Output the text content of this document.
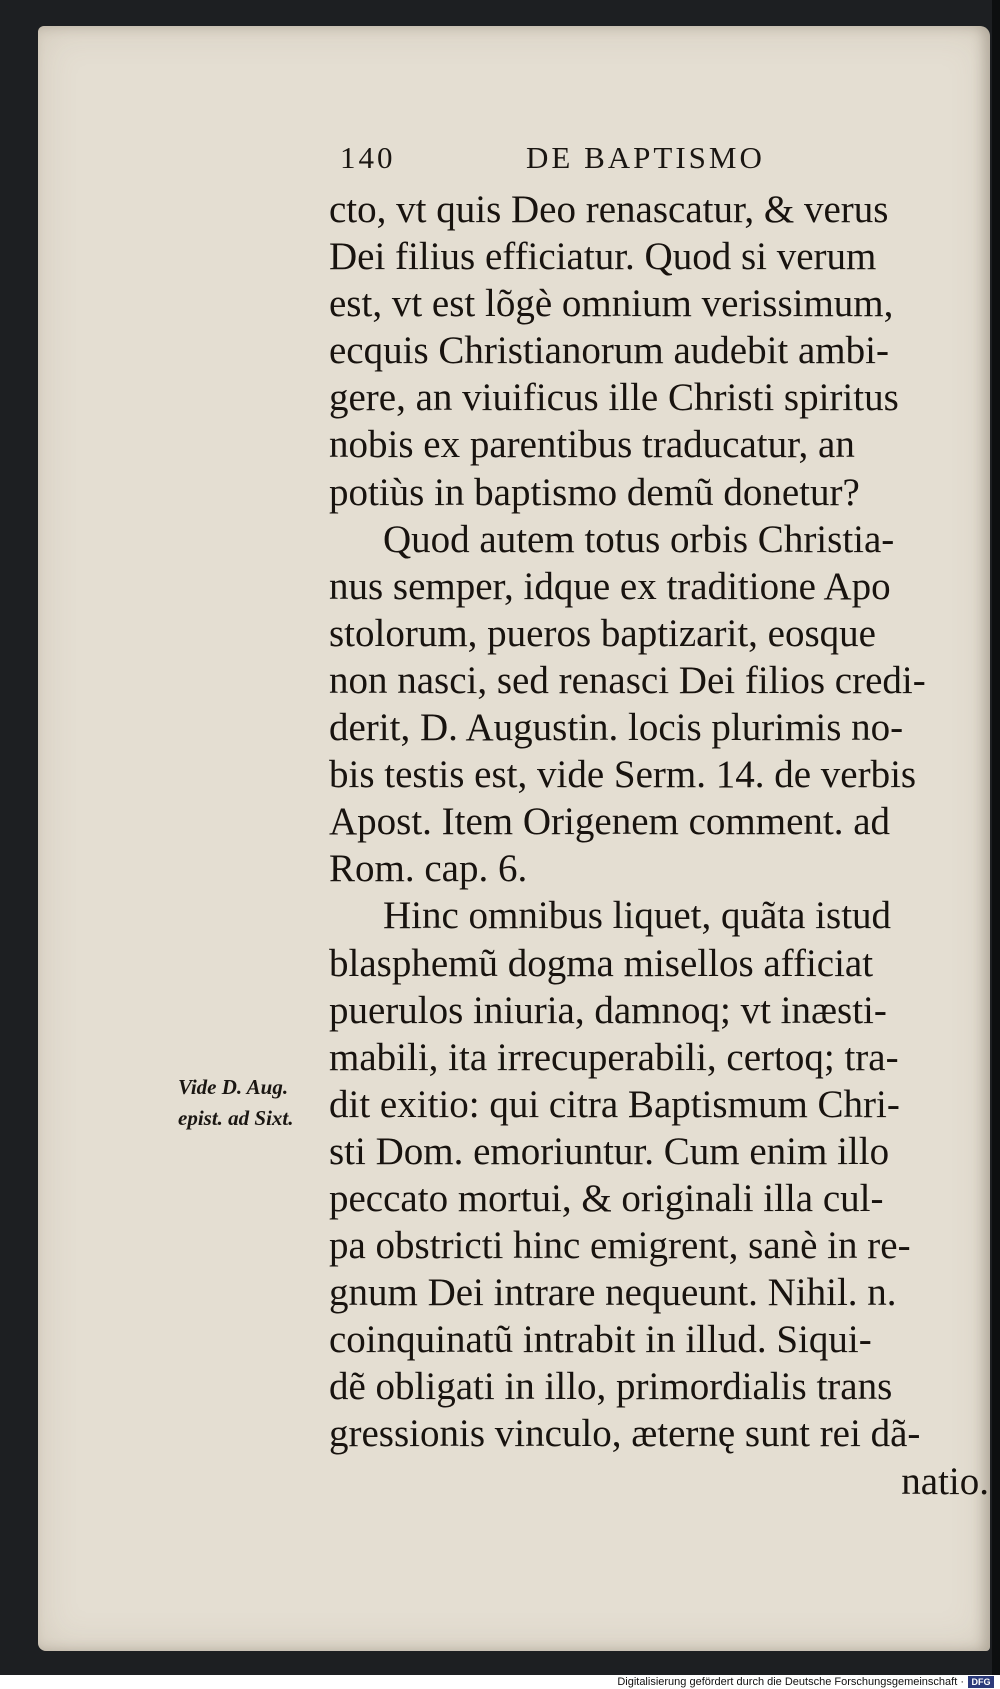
140	DE BAPTISMO
cto, vt quis Deo renascatur, & verus
Dei filius efficiatur. Quod si verum
est, vt est lõgè omnium verissimum,
ecquis Christianorum audebit ambi-
gere, an viuificus ille Christi spiritus
nobis ex parentibus traducatur, an
potiùs in baptismo demũ donetur?
Quod autem totus orbis Christia-
nus semper, idque ex traditione Apo
stolorum, pueros baptizarit, eosque
non nasci, sed renasci Dei filios credi-
derit, D. Augustin. locis plurimis no-
bis testis est, vide Serm. 14. de verbis
Apost. Item Origenem comment. ad
Rom. cap. 6.
Hinc omnibus liquet, quãta istud
blasphemũ dogma misellos afficiat
puerulos iniuria, damnoq; vt inæsti-
mabili, ita irrecuperabili, certoq; tra-
dit exitio: qui citra Baptismum Chri-
sti Dom. emoriuntur. Cum enim illo
peccato mortui, & originali illa cul-
pa obstricti hinc emigrent, sanè in re-
gnum Dei intrare nequeunt. Nihil. n.
coinquinatũ intrabit in illud. Siqui-
dẽ obligati in illo, primordialis trans
gressionis vinculo, æternę sunt rei dã-
natio.
Vide D. Aug.
epist. ad Sixt.
Digitalisierung gefördert durch die Deutsche Forschungsgemeinschaft · DFG
